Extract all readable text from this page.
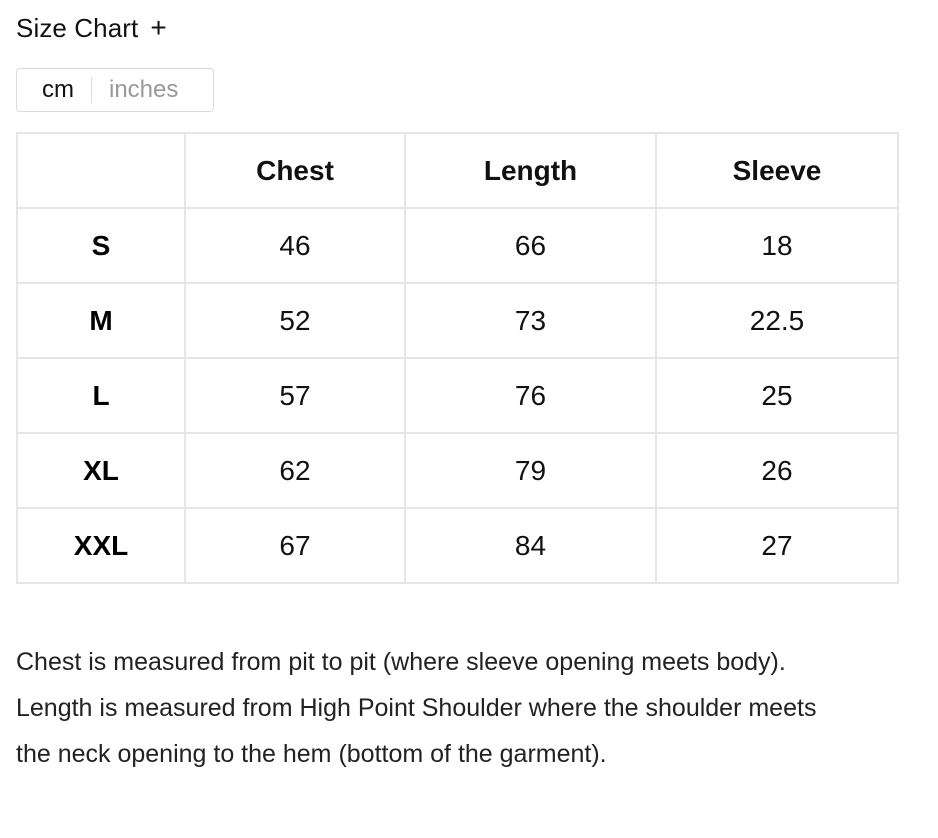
Size Chart +
cm inches
	Chest	Length	Sleeve
S	46	66	18
M	52	73	22.5
L	57	76	25
XL	62	79	26
XXL	67	84	27

Chest is measured from pit to pit (where sleeve opening meets body). Length is measured from High Point Shoulder where the shoulder meets the neck opening to the hem (bottom of the garment).
